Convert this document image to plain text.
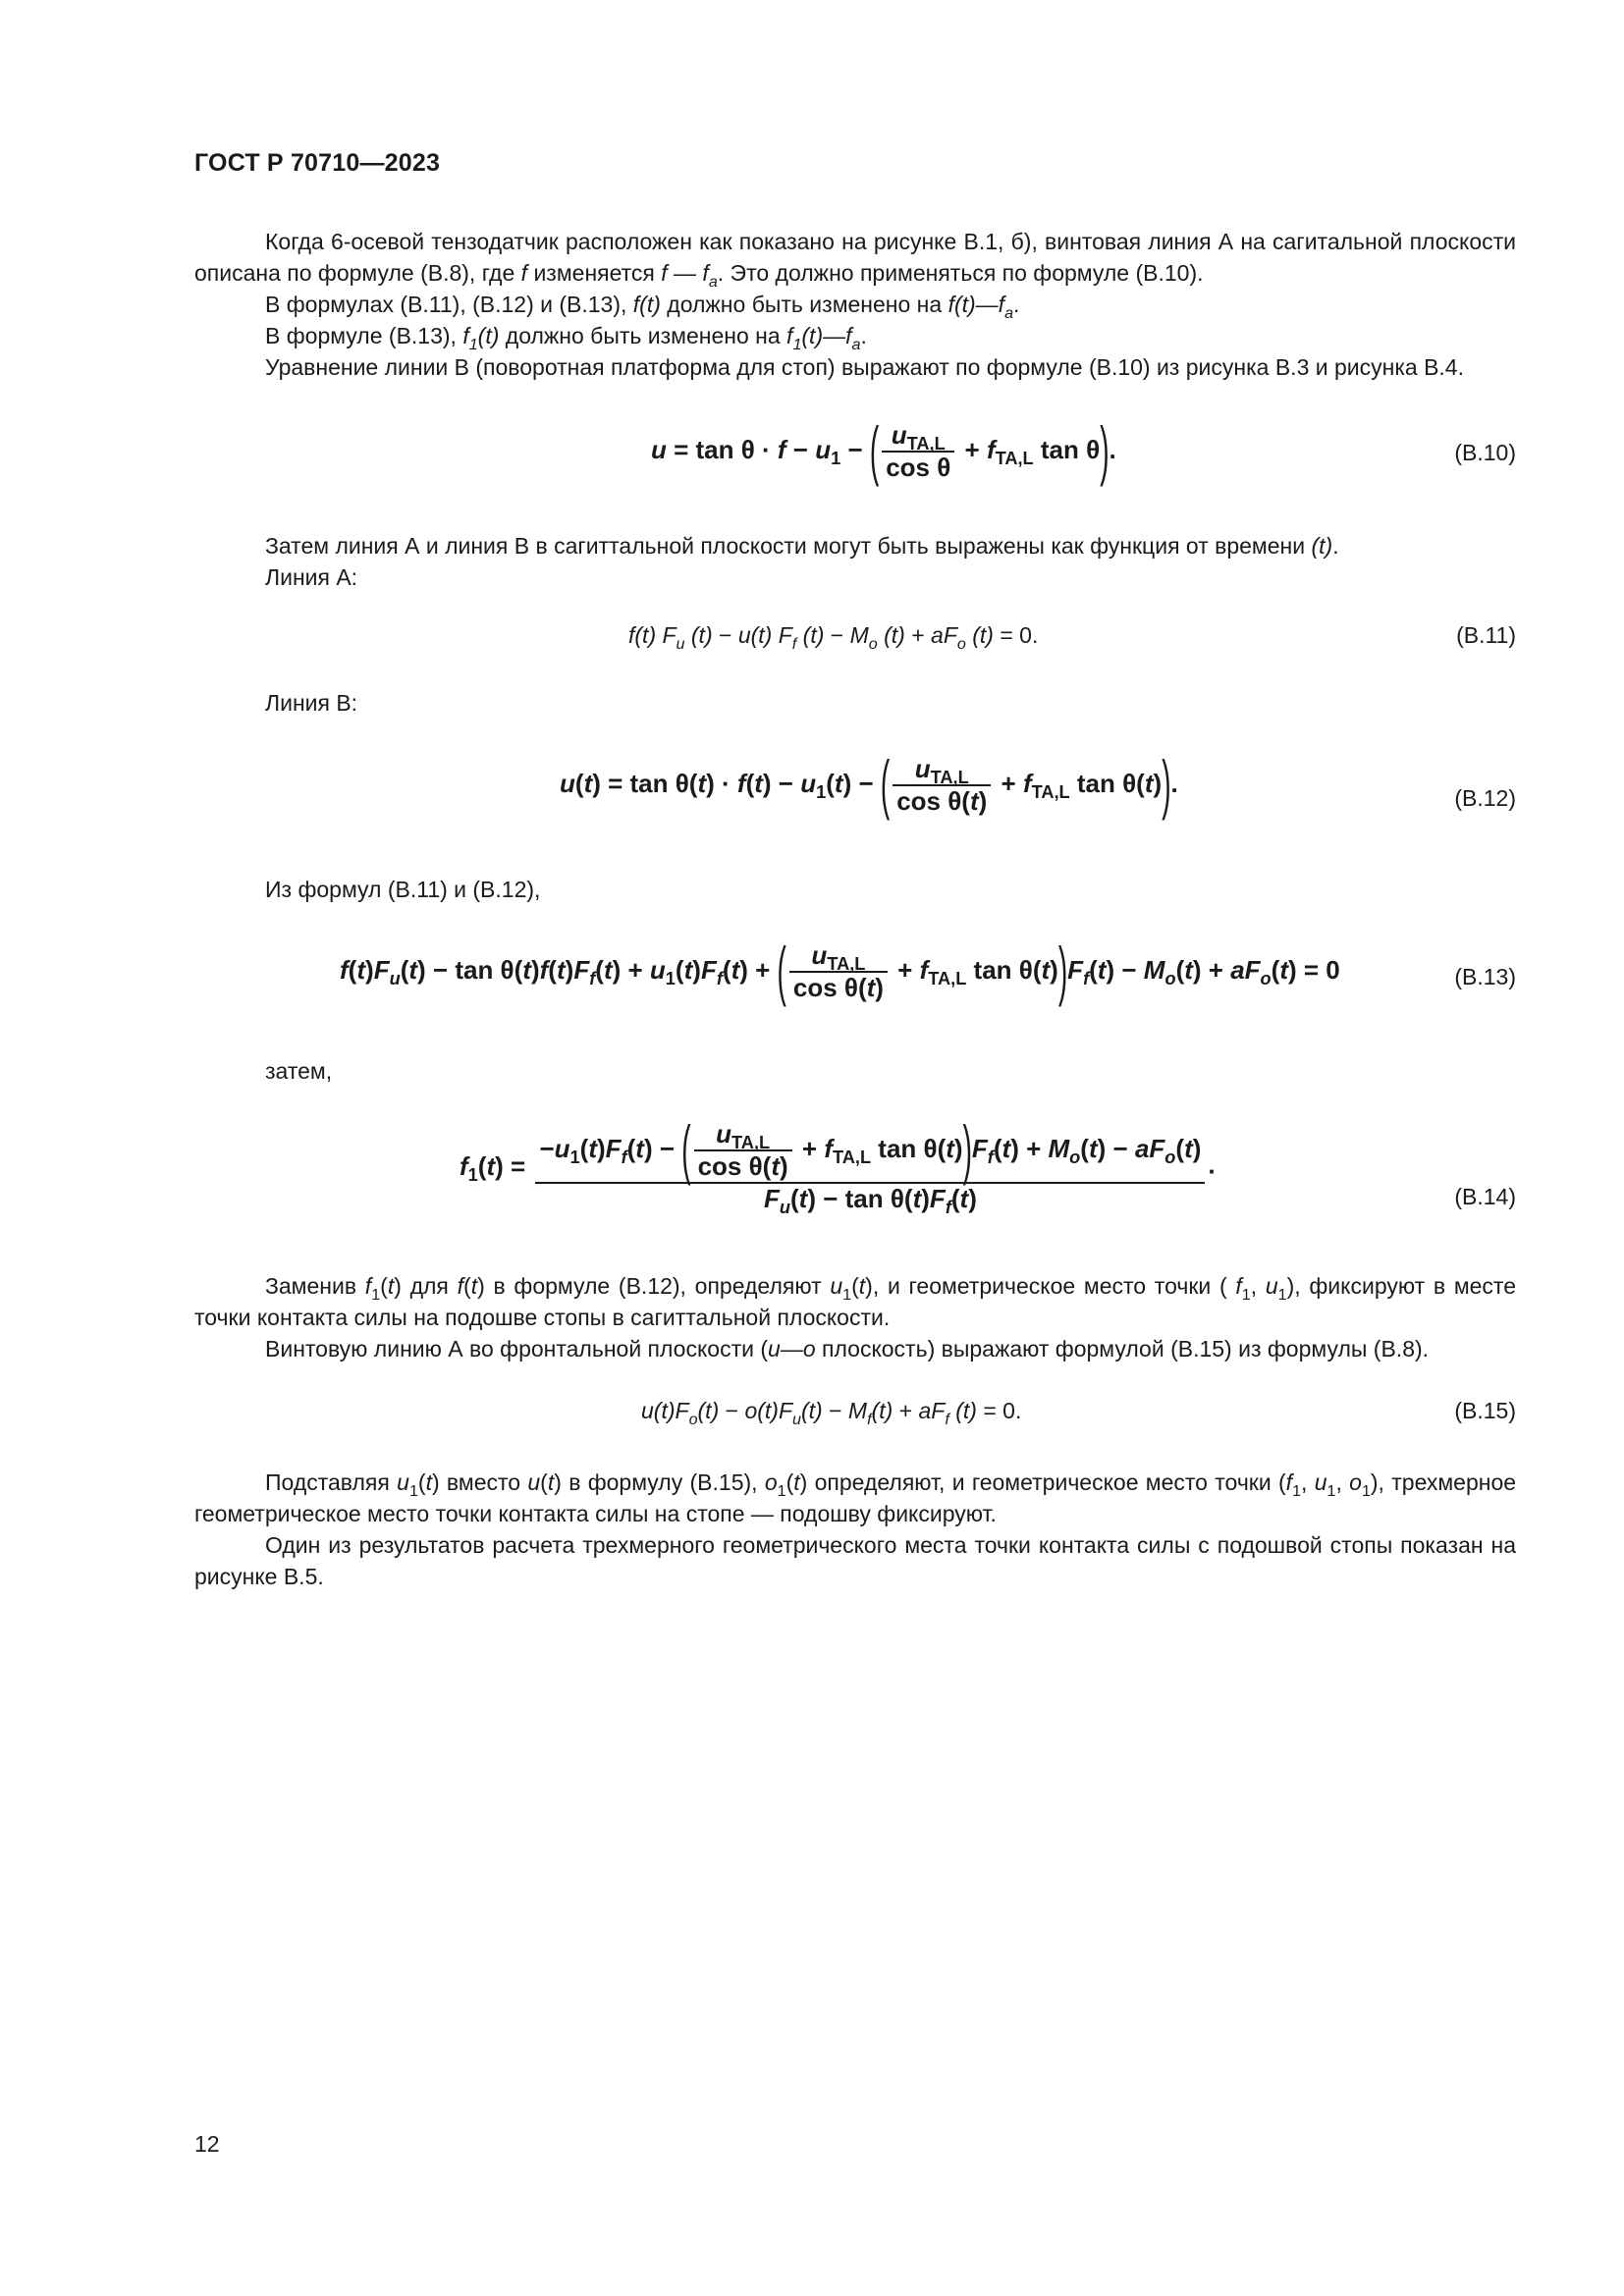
ГОСТ Р 70710—2023
Когда 6-осевой тензодатчик расположен как показано на рисунке В.1, б), винтовая линия А на сагитальной плоскости описана по формуле (В.8), где f изменяется f — $f_a$. Это должно применяться по формуле (В.10).
В формулах (В.11), (В.12) и (В.13), f(t) должно быть изменено на $f(t)—f_a$.
В формуле (В.13), $f_1(t)$ должно быть изменено на $f_1(t)—f_a$.
Уравнение линии В (поворотная платформа для стоп) выражают по формуле (В.10) из рисунка В.3 и рисунка В.4.
$u = \tan \theta \cdot f - u_1$ − ( $\frac{u_{TA,L}}{\text{cos θ}} + f_{TA,L}$ tan θ).	(В.10)
Затем линия А и линия В в сагиттальной плоскости могут быть выражены как функция от времени (t).
Линия А:
f(t) $F_u$ (t) − u(t) $F_f$ $(t) - M_o$ $(t) + aF_o$ (t) = 0.	(В.11)
Линия В:
$u(t) = \tan \theta(t) \cdot f(t) - u_1(t)$ − ( $\frac{u_{TA,L}}{\text{cos θ(t)}} + f_{TA,L}$ tan θ(t)).
(В.12)
Из формул (В.11) и (В.12),
$f(t)F_u(t) - \tan \theta(t)f(t)F_f(t) + u_1(t)F_f(t)$ + ( $\frac{u_{TA,L}}{\text{cos θ(t)}} + f_{TA,L}$ $\tan \theta(t))F_f(t) - M_o(t) + aF_o(t) = 0$	(В.13)
затем,
$f_1(t)$ =
$-u_1(t)F_f(t)$ − ( $\frac{u_{TA,L}}{\text{cos θ(t)}} + f_{TA,L}$ $\tan \theta(t))F_f(t) + M_o(t) - aF_o(t)$
$F_u(t) - \tan \theta(t)F_f(t)$
.
(В.14)
Заменив $f_1(t)$ для f(t) в формуле (В.12), определяют $u_1(t)$, и геометрическое место точки ( $f_1$, $u_1$), фиксируют в месте точки контакта силы на подошве стопы в сагиттальной плоскости.
Винтовую линию А во фронтальной плоскости (u—o плоскость) выражают формулой (В.15) из формулы (В.8).
$u(t)F_o(t) - o(t)F_u(t) - M_f(t) + aF_f$ (t) = 0.	(В.15)
Подставляя $u_1(t)$ вместо u(t) в формулу (В.15), $o_1(t)$ определяют, и геометрическое место точки ($f_1$, $u_1$, $o_1$), трехмерное геометрическое место точки контакта силы на стопе — подошву фиксируют.
Один из результатов расчета трехмерного геометрического места точки контакта силы с подошвой стопы показан на рисунке В.5.
12
